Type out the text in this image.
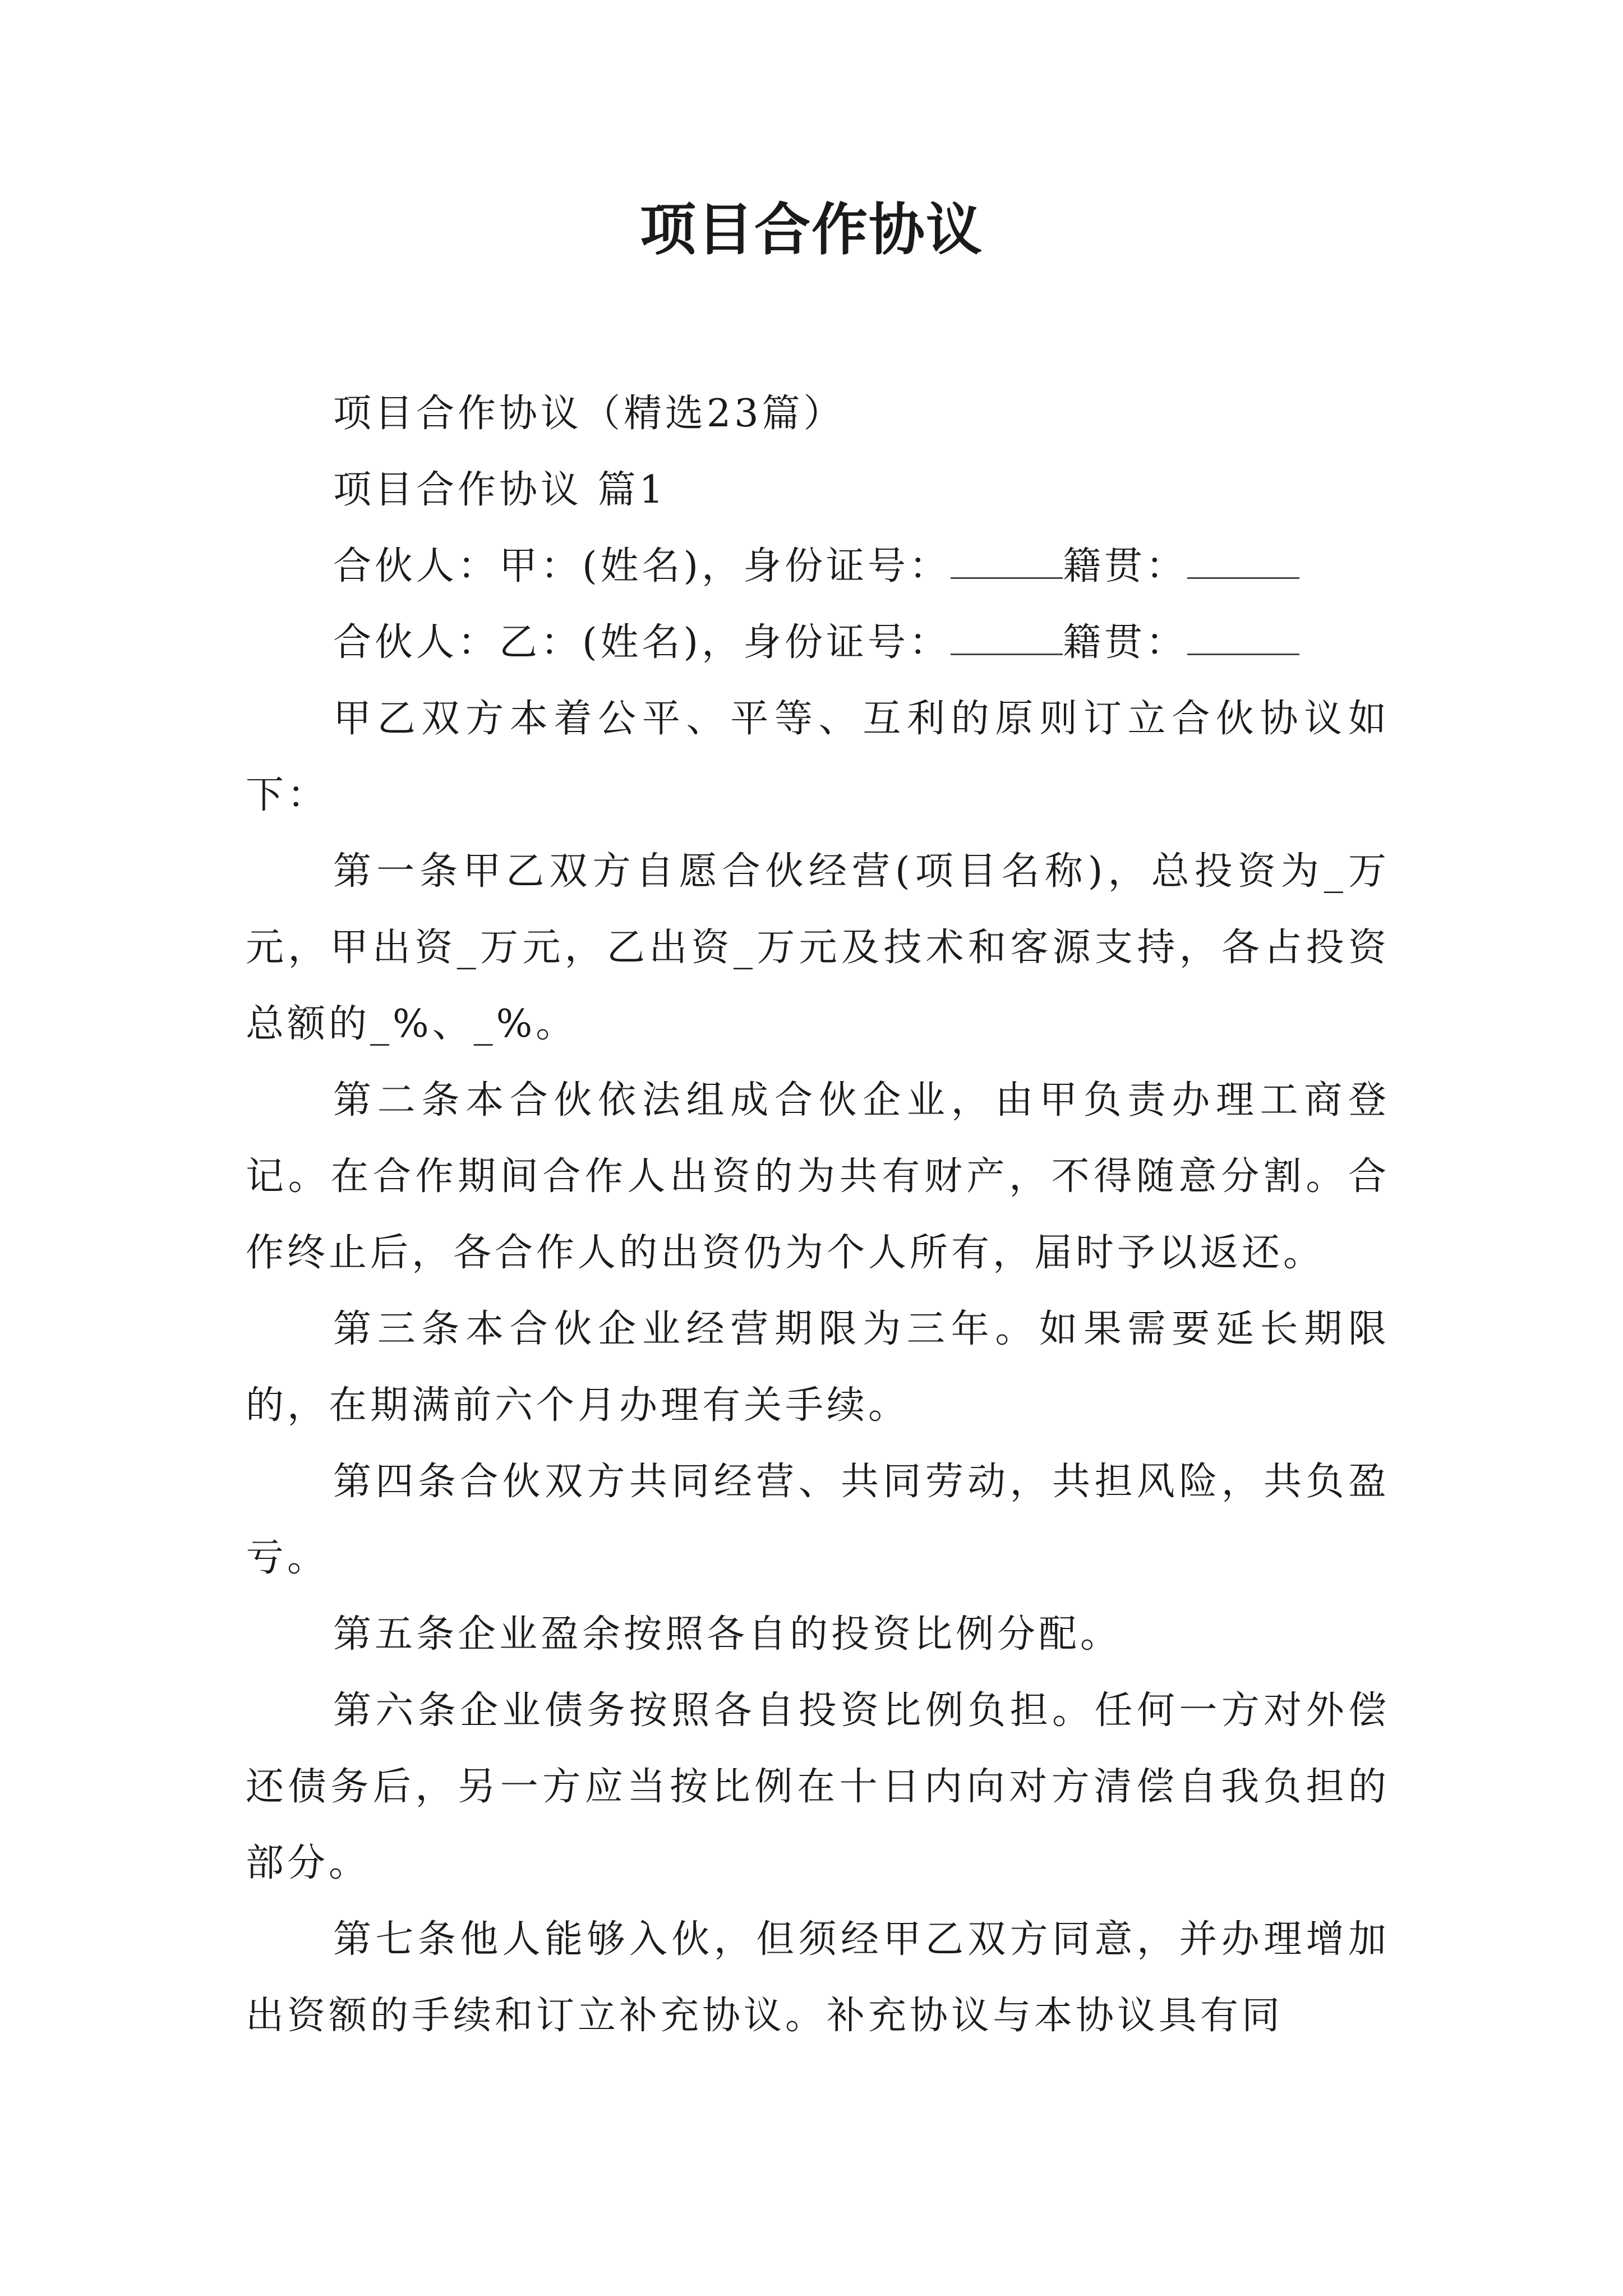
项目合作协议

项目合作协议（精选23篇）

项目合作协议 篇1

合伙人：甲：(姓名)，身份证号：	籍贯：

合伙人：乙：(姓名)，身份证号：	籍贯：

甲乙双方本着公平、平等、互利的原则订立合伙协议如下：

第一条甲乙双方自愿合伙经营(项目名称)，总投资为_万元，甲出资_万元，乙出资_万元及技术和客源支持，各占投资总额的_%、_%。

第二条本合伙依法组成合伙企业，由甲负责办理工商登记。在合作期间合作人出资的为共有财产，不得随意分割。合作终止后，各合作人的出资仍为个人所有，届时予以返还。

第三条本合伙企业经营期限为三年。如果需要延长期限的，在期满前六个月办理有关手续。

第四条合伙双方共同经营、共同劳动，共担风险，共负盈亏。

第五条企业盈余按照各自的投资比例分配。

第六条企业债务按照各自投资比例负担。任何一方对外偿还债务后，另一方应当按比例在十日内向对方清偿自我负担的部分。

第七条他人能够入伙，但须经甲乙双方同意，并办理增加出资额的手续和订立补充协议。补充协议与本协议具有同
